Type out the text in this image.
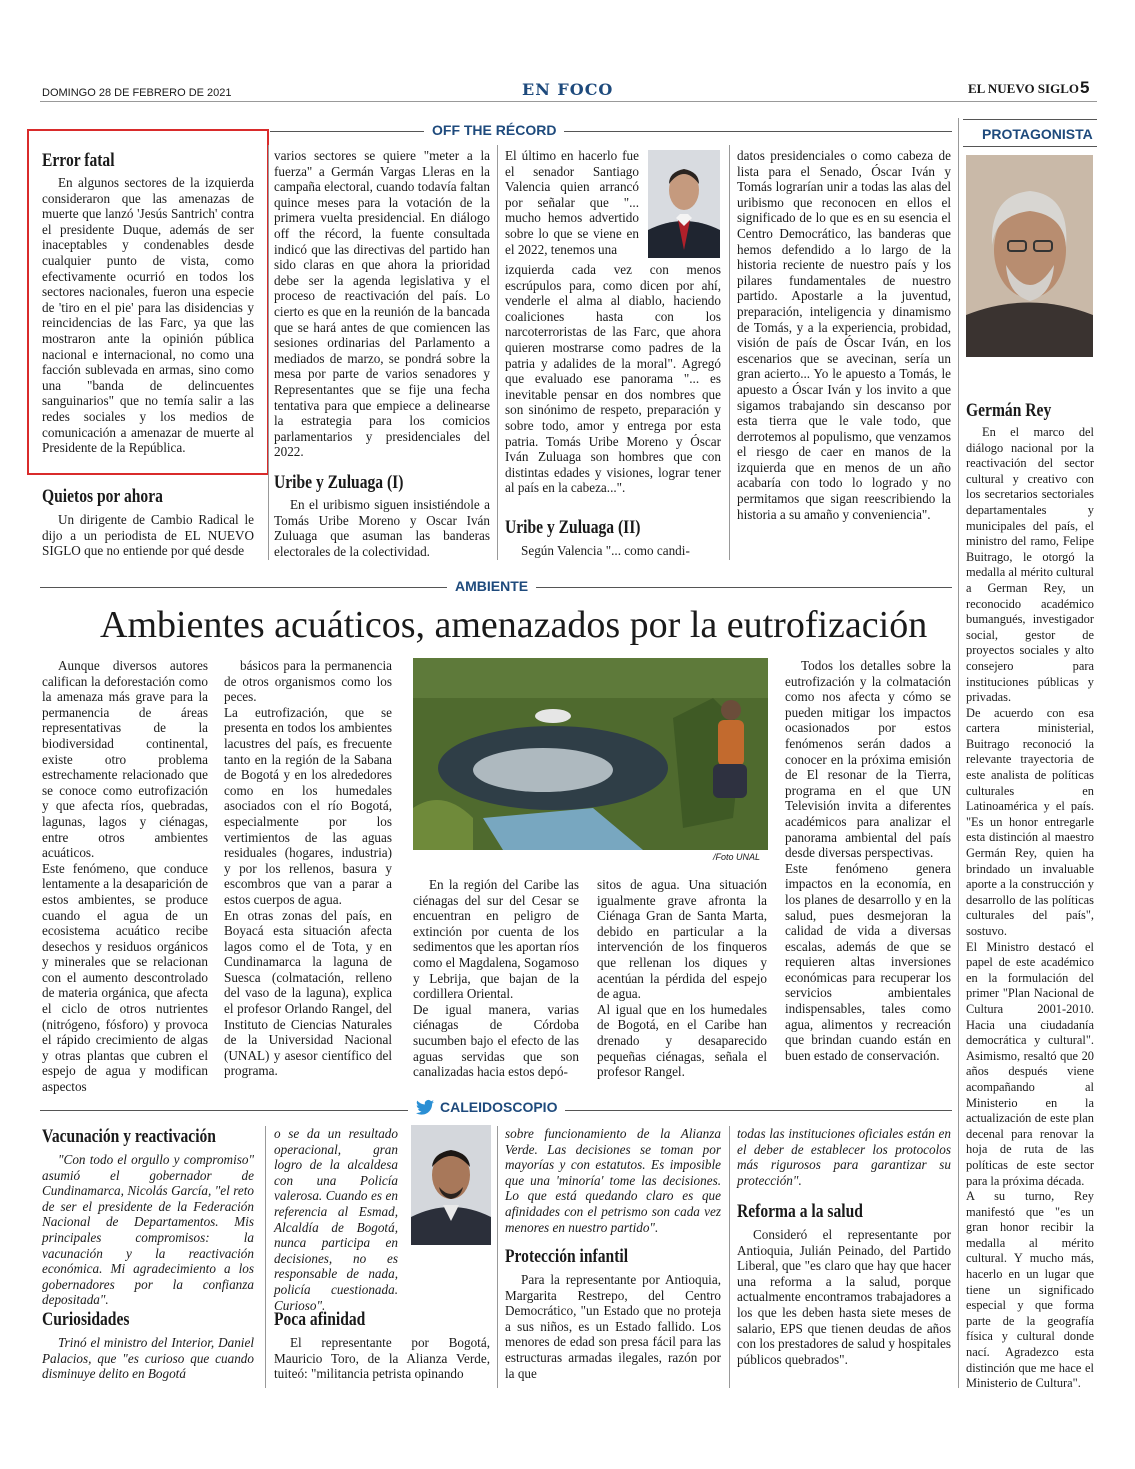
DOMINGO 28 DE FEBRERO DE 2021	EN FOCO	EL NUEVO SIGLO 5
OFF THE RÉCORD
Error fatal
En algunos sectores de la izquierda consideraron que las amenazas de muerte que lanzó 'Jesús Santrich' contra el presidente Duque, además de ser inaceptables y condenables desde cualquier punto de vista, como efectivamente ocurrió en todos los sectores nacionales, fueron una especie de 'tiro en el pie' para las disidencias y reincidencias de las Farc, ya que las mostraron ante la opinión pública nacional e internacional, no como una facción sublevada en armas, sino como una "banda de delincuentes sanguinarios" que no temía salir a las redes sociales y los medios de comunicación a amenazar de muerte al Presidente de la República.
Quietos por ahora
Un dirigente de Cambio Radical le dijo a un periodista de EL NUEVO SIGLO que no entiende por qué desde
varios sectores se quiere "meter a la fuerza" a Germán Vargas Lleras en la campaña electoral, cuando todavía faltan quince meses para la votación de la primera vuelta presidencial. En diálogo off the récord, la fuente consultada indicó que las directivas del partido han sido claras en que ahora la prioridad debe ser la agenda legislativa y el proceso de reactivación del país. Lo cierto es que en la reunión de la bancada que se hará antes de que comiencen las sesiones ordinarias del Parlamento a mediados de marzo, se pondrá sobre la mesa por parte de varios senadores y Representantes que se fije una fecha tentativa para que empiece a delinearse la estrategia para los comicios parlamentarios y presidenciales del 2022.
Uribe y Zuluaga (I)
En el uribismo siguen insistiéndole a Tomás Uribe Moreno y Oscar Iván Zuluaga que asuman las banderas electorales de la colectividad.
El último en hacerlo fue el senador Santiago Valencia quien arrancó por señalar que "... mucho hemos advertido sobre lo que se viene en el 2022, tenemos una
izquierda cada vez con menos escrúpulos para, como dicen por ahí, venderle el alma al diablo, haciendo coaliciones hasta con los narcoterroristas de las Farc, que ahora quieren mostrarse como padres de la patria y adalides de la moral". Agregó que evaluado ese panorama "... es inevitable pensar en dos nombres que son sinónimo de respeto, preparación y sobre todo, amor y entrega por esta patria. Tomás Uribe Moreno y Óscar Iván Zuluaga son hombres que con distintas edades y visiones, lograr tener al país en la cabeza...".
Uribe y Zuluaga (II)
Según Valencia "... como candi-
datos presidenciales o como cabeza de lista para el Senado, Óscar Iván y Tomás lograrían unir a todas las alas del uribismo que reconocen en ellos el significado de lo que es en su esencia el Centro Democrático, las banderas que hemos defendido a lo largo de la historia reciente de nuestro país y los pilares fundamentales de nuestro partido. Apostarle a la juventud, preparación, inteligencia y dinamismo de Tomás, y a la experiencia, probidad, visión de país de Óscar Iván, en los escenarios que se avecinan, sería un gran acierto... Yo le apuesto a Tomás, le apuesto a Óscar Iván y los invito a que sigamos trabajando sin descanso por esta tierra que le vale todo, que derrotemos al populismo, que venzamos el riesgo de caer en manos de la izquierda que en menos de un año acabaría con todo lo logrado y no permitamos que sigan reescribiendo la historia a su amaño y conveniencia".
PROTAGONISTA
Germán Rey
En el marco del diálogo nacional por la reactivación del sector cultural y creativo con los secretarios sectoriales departamentales y municipales del país, el ministro del ramo, Felipe Buitrago, le otorgó la medalla al mérito cultural a German Rey, un reconocido académico bumangués, investigador social, gestor de proyectos sociales y alto consejero para instituciones públicas y privadas.
De acuerdo con esa cartera ministerial, Buitrago reconoció la relevante trayectoria de este analista de políticas culturales en Latinoamérica y el país. "Es un honor entregarle esta distinción al maestro Germán Rey, quien ha brindado un invaluable aporte a la construcción y desarrollo de las políticas culturales del país", sostuvo.
El Ministro destacó el papel de este académico en la formulación del primer "Plan Nacional de Cultura 2001-2010. Hacia una ciudadanía democrática y cultural". Asimismo, resaltó que 20 años después viene acompañando al Ministerio en la actualización de este plan decenal para renovar la hoja de ruta de las políticas de este sector para la próxima década.
A su turno, Rey manifestó que "es un gran honor recibir la medalla al mérito cultural. Y mucho más, hacerlo en un lugar que tiene un significado especial y que forma parte de la geografía física y cultural donde nací. Agradezco esta distinción que me hace el Ministerio de Cultura".
AMBIENTE
Ambientes acuáticos, amenazados por la eutrofización
Aunque diversos autores califican la deforestación como la amenaza más grave para la permanencia de áreas representativas de la biodiversidad continental, existe otro problema estrechamente relacionado que se conoce como eutrofización y que afecta ríos, quebradas, lagunas, lagos y ciénagas, entre otros ambientes acuáticos.
Este fenómeno, que conduce lentamente a la desaparición de estos ambientes, se produce cuando el agua de un ecosistema acuático recibe desechos y residuos orgánicos y minerales que se relacionan con el aumento descontrolado de materia orgánica, que afecta el ciclo de otros nutrientes (nitrógeno, fósforo) y provoca el rápido crecimiento de algas y otras plantas que cubren el espejo de agua y modifican aspectos
básicos para la permanencia de otros organismos como los peces.
La eutrofización, que se presenta en todos los ambientes lacustres del país, es frecuente tanto en la región de la Sabana de Bogotá y en los alrededores como en los humedales asociados con el río Bogotá, especialmente por los vertimientos de las aguas residuales (hogares, industria) y por los rellenos, basura y escombros que van a parar a estos cuerpos de agua.
En otras zonas del país, en Boyacá esta situación afecta lagos como el de Tota, y en Cundinamarca la laguna de Suesca (colmatación, relleno del vaso de la laguna), explica el profesor Orlando Rangel, del Instituto de Ciencias Naturales de la Universidad Nacional (UNAL) y asesor científico del programa.
/Foto UNAL
En la región del Caribe las ciénagas del sur del Cesar se encuentran en peligro de extinción por cuenta de los sedimentos que les aportan ríos como el Magdalena, Sogamoso y Lebrija, que bajan de la cordillera Oriental.
De igual manera, varias ciénagas de Córdoba sucumben bajo el efecto de las aguas servidas que son canalizadas hacia estos depó-
sitos de agua. Una situación igualmente grave afronta la Ciénaga Gran de Santa Marta, debido en particular a la intervención de los finqueros que rellenan los diques y acentúan la pérdida del espejo de agua.
Al igual que en los humedales de Bogotá, en el Caribe han drenado y desaparecido pequeñas ciénagas, señala el profesor Rangel.
Todos los detalles sobre la eutrofización y la colmatación como nos afecta y cómo se pueden mitigar los impactos ocasionados por estos fenómenos serán dados a conocer en la próxima emisión de El resonar de la Tierra, programa en el que UN Televisión invita a diferentes académicos para analizar el panorama ambiental del país desde diversas perspectivas.
Este fenómeno genera impactos en la economía, en los planes de desarrollo y en la salud, pues desmejoran la calidad de vida a diversas escalas, además de que se requieren altas inversiones económicas para recuperar los servicios ambientales indispensables, tales como agua, alimentos y recreación que brindan cuando están en buen estado de conservación.
CALEIDOSCOPIO
Vacunación y reactivación
"Con todo el orgullo y compromiso" asumió el gobernador de Cundinamarca, Nicolás García, "el reto de ser el presidente de la Federación Nacional de Departamentos. Mis principales compromisos: la vacunación y la reactivación económica. Mi agradecimiento a los gobernadores por la confianza depositada".
Curiosidades
Trinó el ministro del Interior, Daniel Palacios, que "es curioso que cuando disminuye delito en Bogotá
o se da un resultado operacional, gran logro de la alcaldesa con una Policía valerosa. Cuando es en referencia al Esmad, Alcaldía de Bogotá, nunca participa en decisiones, no es responsable de nada, policía cuestionada. Curioso".
Poca afinidad
El representante por Bogotá, Mauricio Toro, de la Alianza Verde, tuiteó: "militancia petrista opinando
sobre funcionamiento de la Alianza Verde. Las decisiones se toman por mayorías y con estatutos. Es imposible que una 'minoría' tome las decisiones. Lo que está quedando claro es que afinidades con el petrismo son cada vez menores en nuestro partido".
Protección infantil
Para la representante por Antioquia, Margarita Restrepo, del Centro Democrático, "un Estado que no proteja a sus niños, es un Estado fallido. Los menores de edad son presa fácil para las estructuras armadas ilegales, razón por la que
todas las instituciones oficiales están en el deber de establecer los protocolos más rigurosos para garantizar su protección".
Reforma a la salud
Consideró el representante por Antioquia, Julián Peinado, del Partido Liberal, que "es claro que hay que hacer una reforma a la salud, porque actualmente encontramos trabajadores a los que les deben hasta siete meses de salario, EPS que tienen deudas de años con los prestadores de salud y hospitales públicos quebrados".
